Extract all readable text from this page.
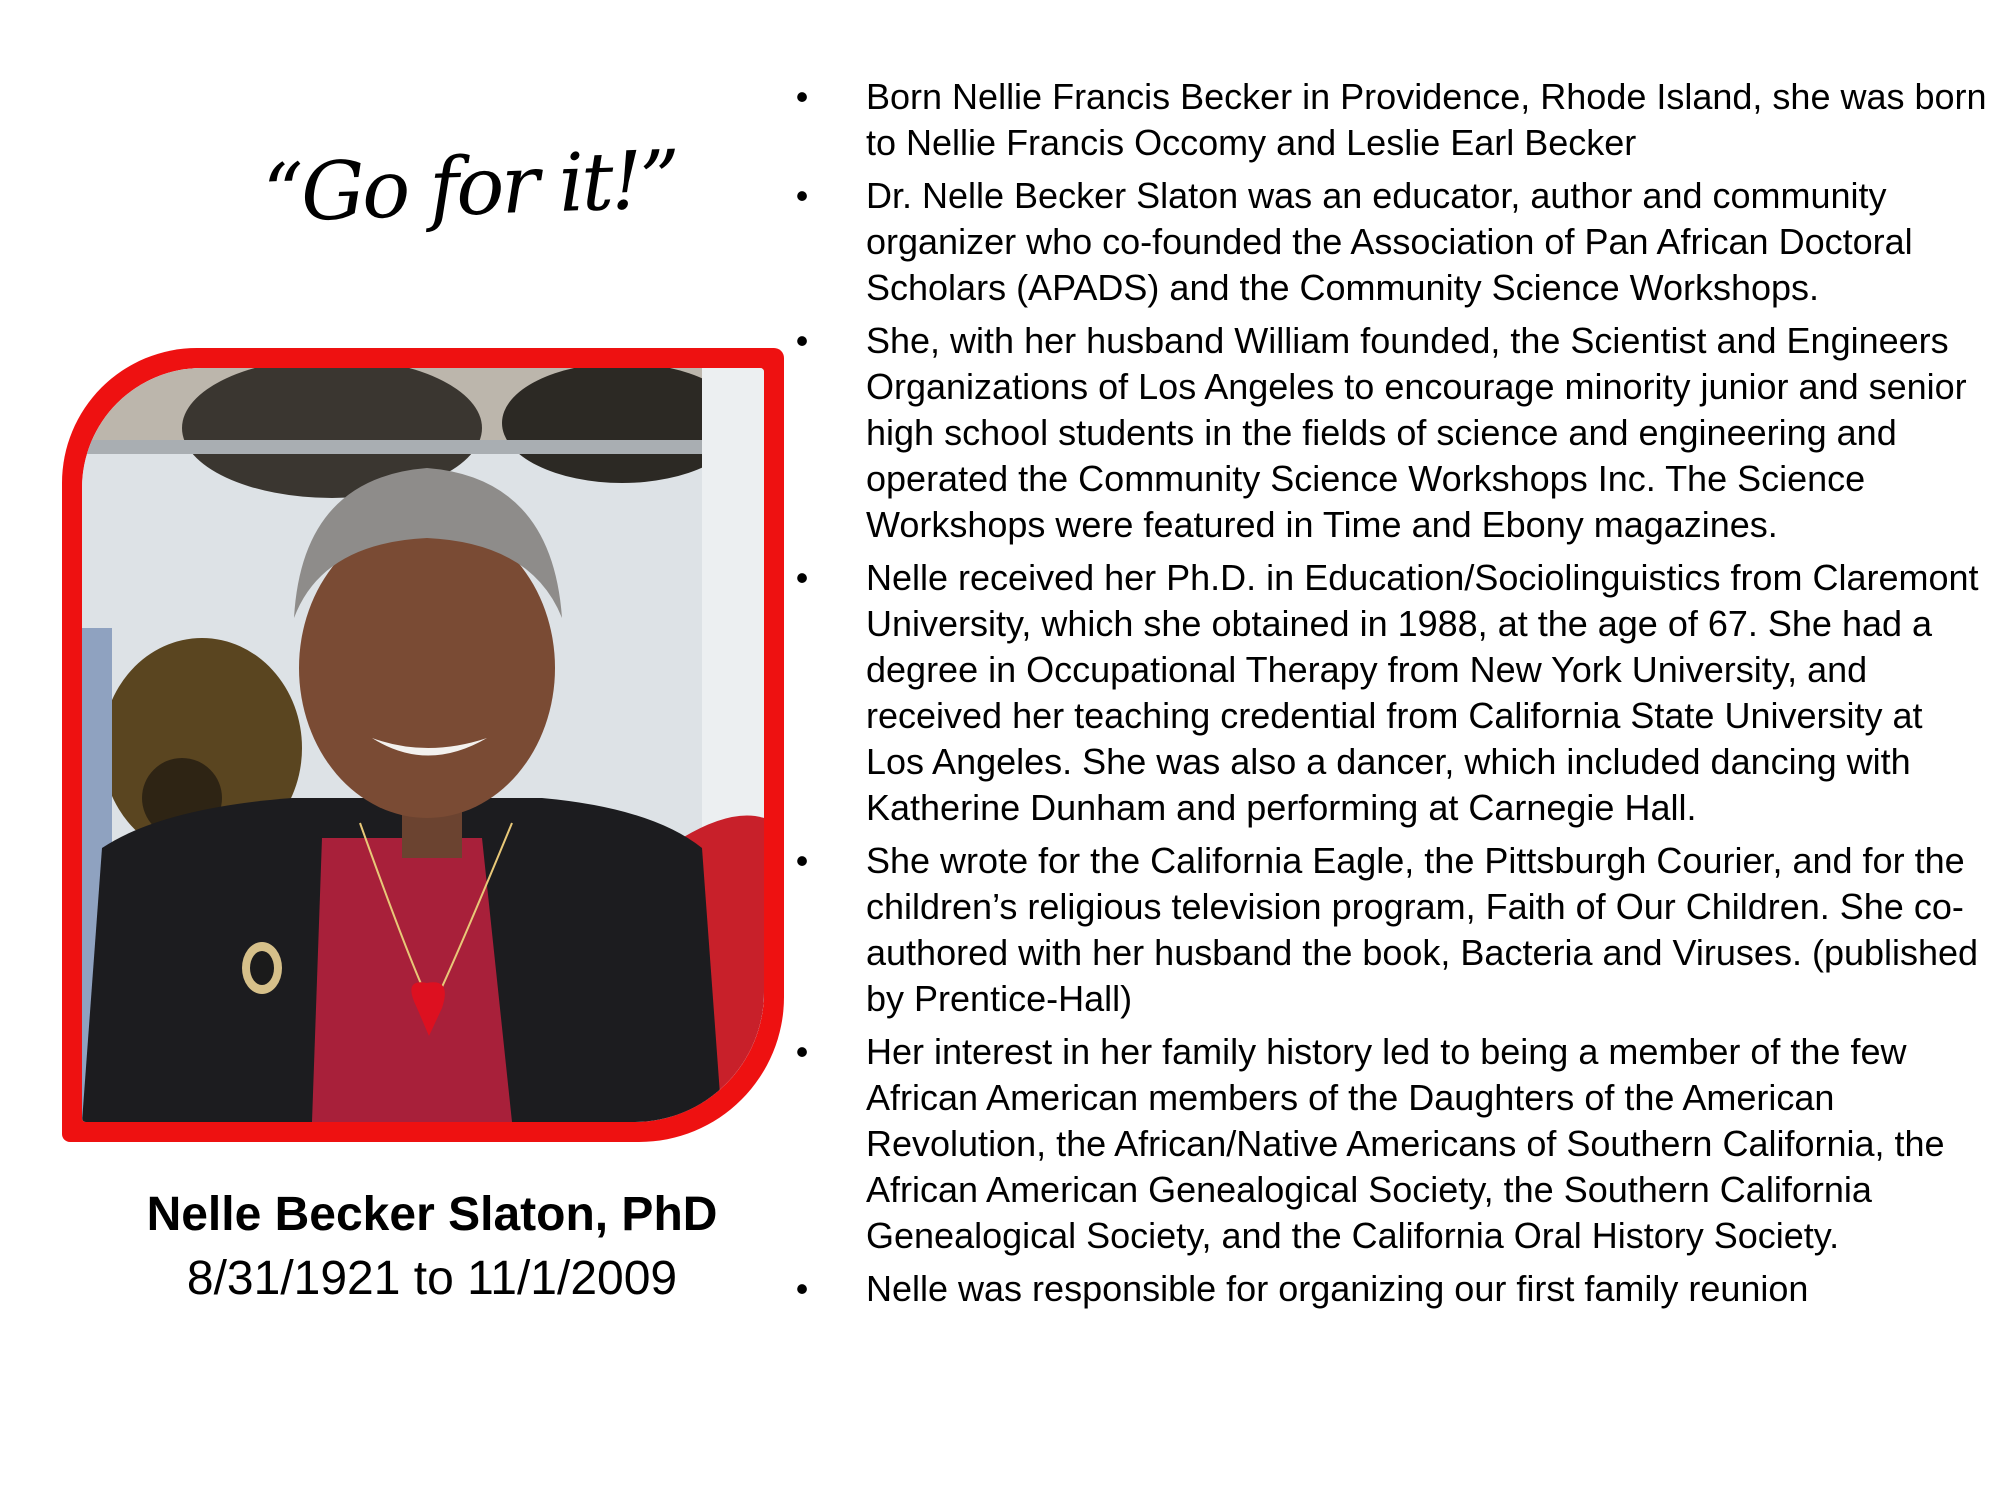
“Go for it!”
Nelle Becker Slaton, PhD
8/31/1921 to 11/1/2009
• Born Nellie Francis Becker in Providence, Rhode Island, she was born to Nellie Francis Occomy and Leslie Earl Becker
• Dr. Nelle Becker Slaton was an educator, author and community organizer who co-founded the Association of Pan African Doctoral Scholars (APADS) and the Community Science Workshops.
• She, with her husband William founded, the Scientist and Engineers Organizations of Los Angeles to encourage minority junior and senior high school students in the fields of science and engineering and operated the Community Science Workshops Inc. The Science Workshops were featured in Time and Ebony magazines.
• Nelle received her Ph.D. in Education/Sociolinguistics from Claremont University, which she obtained in 1988, at the age of 67. She had a degree in Occupational Therapy from New York University, and received her teaching credential from California State University at Los Angeles. She was also a dancer, which included dancing with Katherine Dunham and performing at Carnegie Hall.
• She wrote for the California Eagle, the Pittsburgh Courier, and for the children’s religious television program, Faith of Our Children. She co-authored with her husband the book, Bacteria and Viruses. (published by Prentice-Hall)
• Her interest in her family history led to being a member of the few African American members of the Daughters of the American Revolution, the African/Native Americans of Southern California, the African American Genealogical Society, the Southern California Genealogical Society, and the California Oral History Society.
• Nelle was responsible for organizing our first family reunion
